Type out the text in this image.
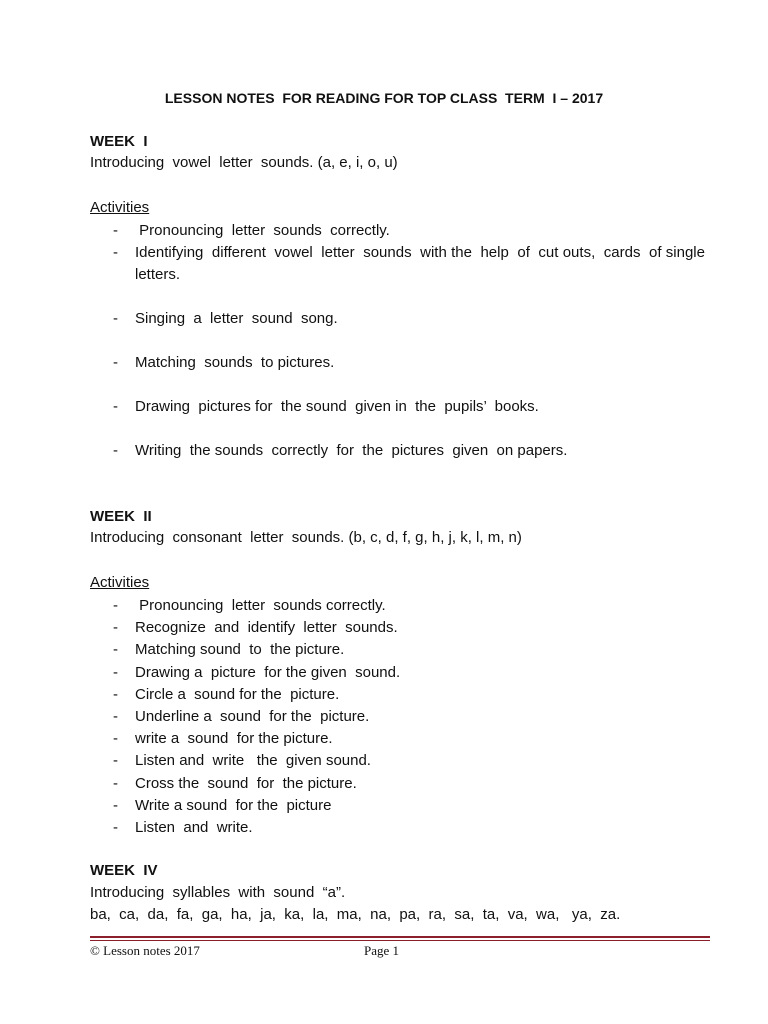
LESSON NOTES  FOR READING FOR TOP CLASS  TERM  I – 2017
WEEK  I
Introducing  vowel  letter  sounds. (a, e, i, o, u)
Activities
-	Pronouncing  letter  sounds  correctly.
-	Identifying  different  vowel  letter  sounds  with the  help  of  cut outs,  cards  of single  letters.
-	Singing  a  letter  sound  song.
-	Matching  sounds  to pictures.
-	Drawing  pictures for  the sound  given in  the  pupils’  books.
-	Writing  the sounds  correctly  for  the  pictures  given  on papers.
WEEK  II
Introducing  consonant  letter  sounds. (b, c, d, f, g, h, j, k, l, m, n)
Activities
-	Pronouncing  letter  sounds correctly.
-	Recognize  and  identify  letter  sounds.
-	Matching sound  to  the picture.
-	Drawing a  picture  for the given  sound.
-	Circle a  sound for the  picture.
-	Underline a  sound  for the  picture.
-	write a  sound  for the picture.
-	Listen and  write   the  given sound.
-	Cross the  sound  for  the picture.
-	Write a sound  for the  picture
-	Listen  and  write.
WEEK  IV
Introducing  syllables  with  sound  “a”.
ba,  ca,  da,  fa,  ga,  ha,  ja,  ka,  la,  ma,  na,  pa,  ra,  sa,  ta,  va,  wa,   ya,  za.
© Lesson notes 2017	Page 1
